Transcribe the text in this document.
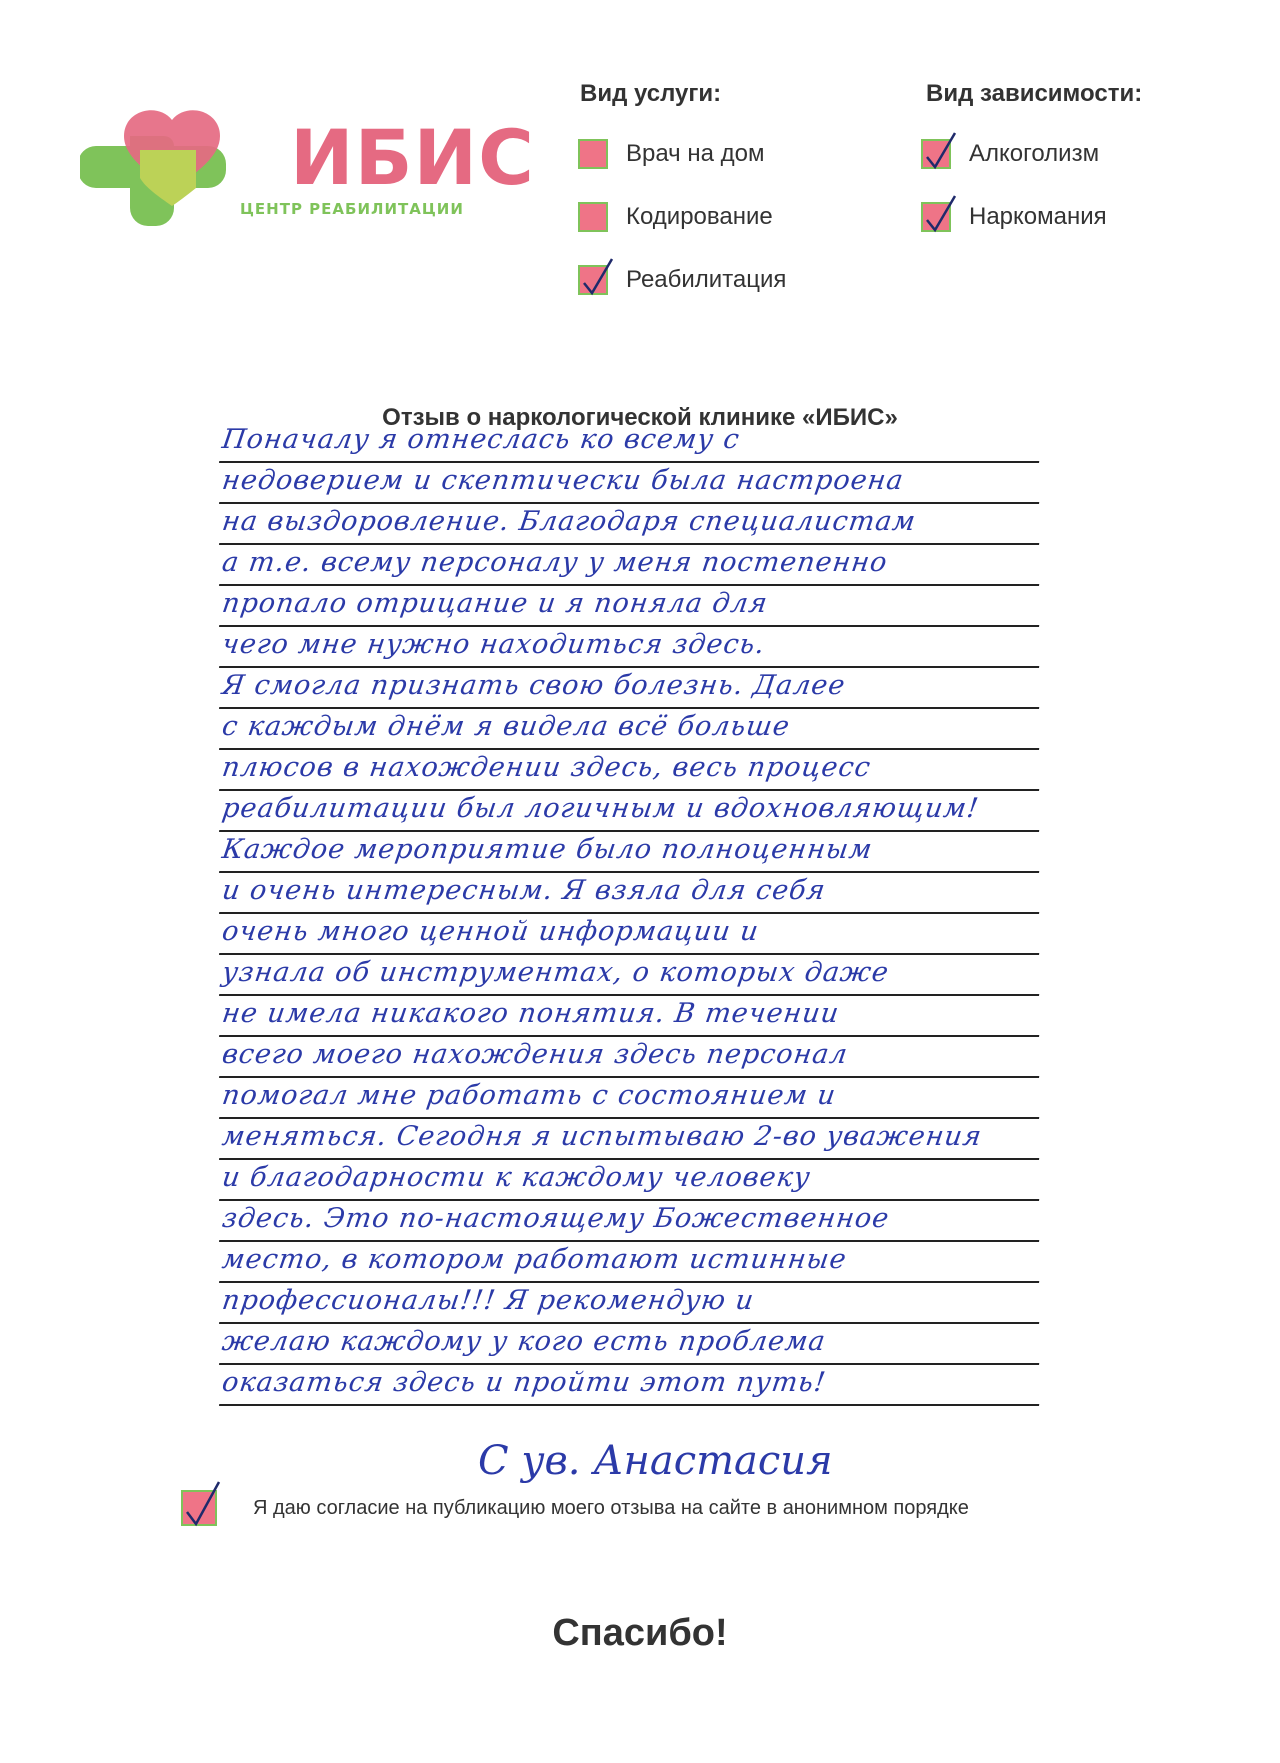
ИБИС
ЦЕНТР РЕАБИЛИТАЦИИ
Вид услуги:
Врач на дом
Кодирование
Реабилитация
Вид зависимости:
Алкоголизм
Наркомания
Отзыв о наркологической клинике «ИБИС»
Поначалу я отнеслась ко всему с
недоверием и скептически была настроена
на выздоровление. Благодаря специалистам
а т.е. всему персоналу у меня постепенно
пропало отрицание и я поняла для
чего мне нужно находиться здесь.
Я смогла признать свою болезнь. Далее
с каждым днём я видела всё больше
плюсов в нахождении здесь, весь процесс
реабилитации был логичным и вдохновляющим!
Каждое мероприятие было полноценным
и очень интересным. Я взяла для себя
очень много ценной информации и
узнала об инструментах, о которых даже
не имела никакого понятия. В течении
всего моего нахождения здесь персонал
помогал мне работать с состоянием и
меняться. Сегодня я испытываю 2-во уважения
и благодарности к каждому человеку
здесь. Это по-настоящему Божественное
место, в котором работают истинные
профессионалы!!! Я рекомендую и
желаю каждому у кого есть проблема
оказаться здесь и пройти этот путь!
С ув. Анастасия
Я даю согласие на публикацию моего отзыва на сайте в анонимном порядке
Спасибо!
